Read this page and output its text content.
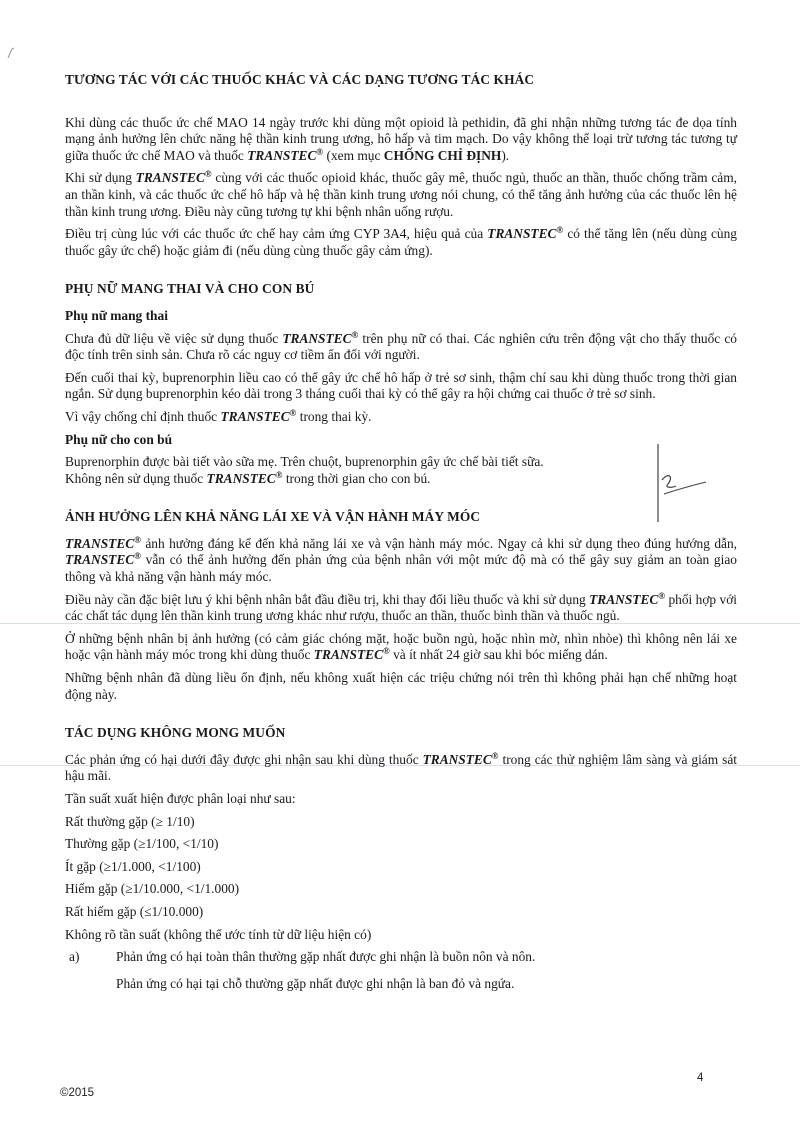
TƯƠNG TÁC VỚI CÁC THUỐC KHÁC VÀ CÁC DẠNG TƯƠNG TÁC KHÁC

Khi dùng các thuốc ức chế MAO 14 ngày trước khi dùng một opioid là pethidin, đã ghi nhận những tương tác đe dọa tính mạng ảnh hưởng lên chức năng hệ thần kinh trung ương, hô hấp và tim mạch. Do vậy không thể loại trừ tương tác tương tự giữa thuốc ức chế MAO và thuốc TRANSTEC® (xem mục CHỐNG CHỈ ĐỊNH).

Khi sử dụng TRANSTEC® cùng với các thuốc opioid khác, thuốc gây mê, thuốc ngủ, thuốc an thần, thuốc chống trầm cảm, an thần kinh, và các thuốc ức chế hô hấp và hệ thần kinh trung ương nói chung, có thể tăng ảnh hưởng của các thuốc lên hệ thần kinh trung ương. Điều này cũng tương tự khi bệnh nhân uống rượu.

Điều trị cùng lúc với các thuốc ức chế hay cảm ứng CYP 3A4, hiệu quả của TRANSTEC® có thể tăng lên (nếu dùng cùng thuốc gây ức chế) hoặc giảm đi (nếu dùng cùng thuốc gây cảm ứng).

PHỤ NỮ MANG THAI VÀ CHO CON BÚ
Phụ nữ mang thai

Chưa đủ dữ liệu về việc sử dụng thuốc TRANSTEC® trên phụ nữ có thai. Các nghiên cứu trên động vật cho thấy thuốc có độc tính trên sinh sản. Chưa rõ các nguy cơ tiềm ẩn đối với người.

Đến cuối thai kỳ, buprenorphin liều cao có thể gây ức chế hô hấp ở trẻ sơ sinh, thậm chí sau khi dùng thuốc trong thời gian ngắn. Sử dụng buprenorphin kéo dài trong 3 tháng cuối thai kỳ có thể gây ra hội chứng cai thuốc ở trẻ sơ sinh.

Vì vậy chống chỉ định thuốc TRANSTEC® trong thai kỳ.

Phụ nữ cho con bú

Buprenorphin được bài tiết vào sữa mẹ. Trên chuột, buprenorphin gây ức chế bài tiết sữa.

Không nên sử dụng thuốc TRANSTEC® trong thời gian cho con bú.

ẢNH HƯỞNG LÊN KHẢ NĂNG LÁI XE VÀ VẬN HÀNH MÁY MÓC

TRANSTEC® ảnh hưởng đáng kể đến khả năng lái xe và vận hành máy móc. Ngay cả khi sử dụng theo đúng hướng dẫn, TRANSTEC® vẫn có thể ảnh hưởng đến phản ứng của bệnh nhân với một mức độ mà có thể gây suy giảm an toàn giao thông và khả năng vận hành máy móc.

Điều này cần đặc biệt lưu ý khi bệnh nhân bắt đầu điều trị, khi thay đổi liều thuốc và khi sử dụng TRANSTEC® phối hợp với các chất tác dụng lên thần kinh trung ương khác như rượu, thuốc an thần, thuốc bình thần và thuốc ngủ.

Ở những bệnh nhân bị ảnh hưởng (có cảm giác chóng mặt, hoặc buồn ngủ, hoặc nhìn mờ, nhìn nhòe) thì không nên lái xe hoặc vận hành máy móc trong khi dùng thuốc TRANSTEC® và ít nhất 24 giờ sau khi bóc miếng dán.

Những bệnh nhân đã dùng liều ổn định, nếu không xuất hiện các triệu chứng nói trên thì không phải hạn chế những hoạt động này.

TÁC DỤNG KHÔNG MONG MUỐN

Các phản ứng có hại dưới đây được ghi nhận sau khi dùng thuốc TRANSTEC® trong các thử nghiệm lâm sàng và giám sát hậu mãi.

Tần suất xuất hiện được phân loại như sau:

Rất thường gặp (≥ 1/10)

Thường gặp (≥1/100, <1/10)

Ít gặp (≥1/1.000, <1/100)

Hiếm gặp (≥1/10.000, <1/1.000)

Rất hiếm gặp (≤1/10.000)

Không rõ tần suất (không thể ước tính từ dữ liệu hiện có)

a)	Phản ứng có hại toàn thân thường gặp nhất được ghi nhận là buồn nôn và nôn.

Phản ứng có hại tại chỗ thường gặp nhất được ghi nhận là ban đỏ và ngứa.

4
©2015
